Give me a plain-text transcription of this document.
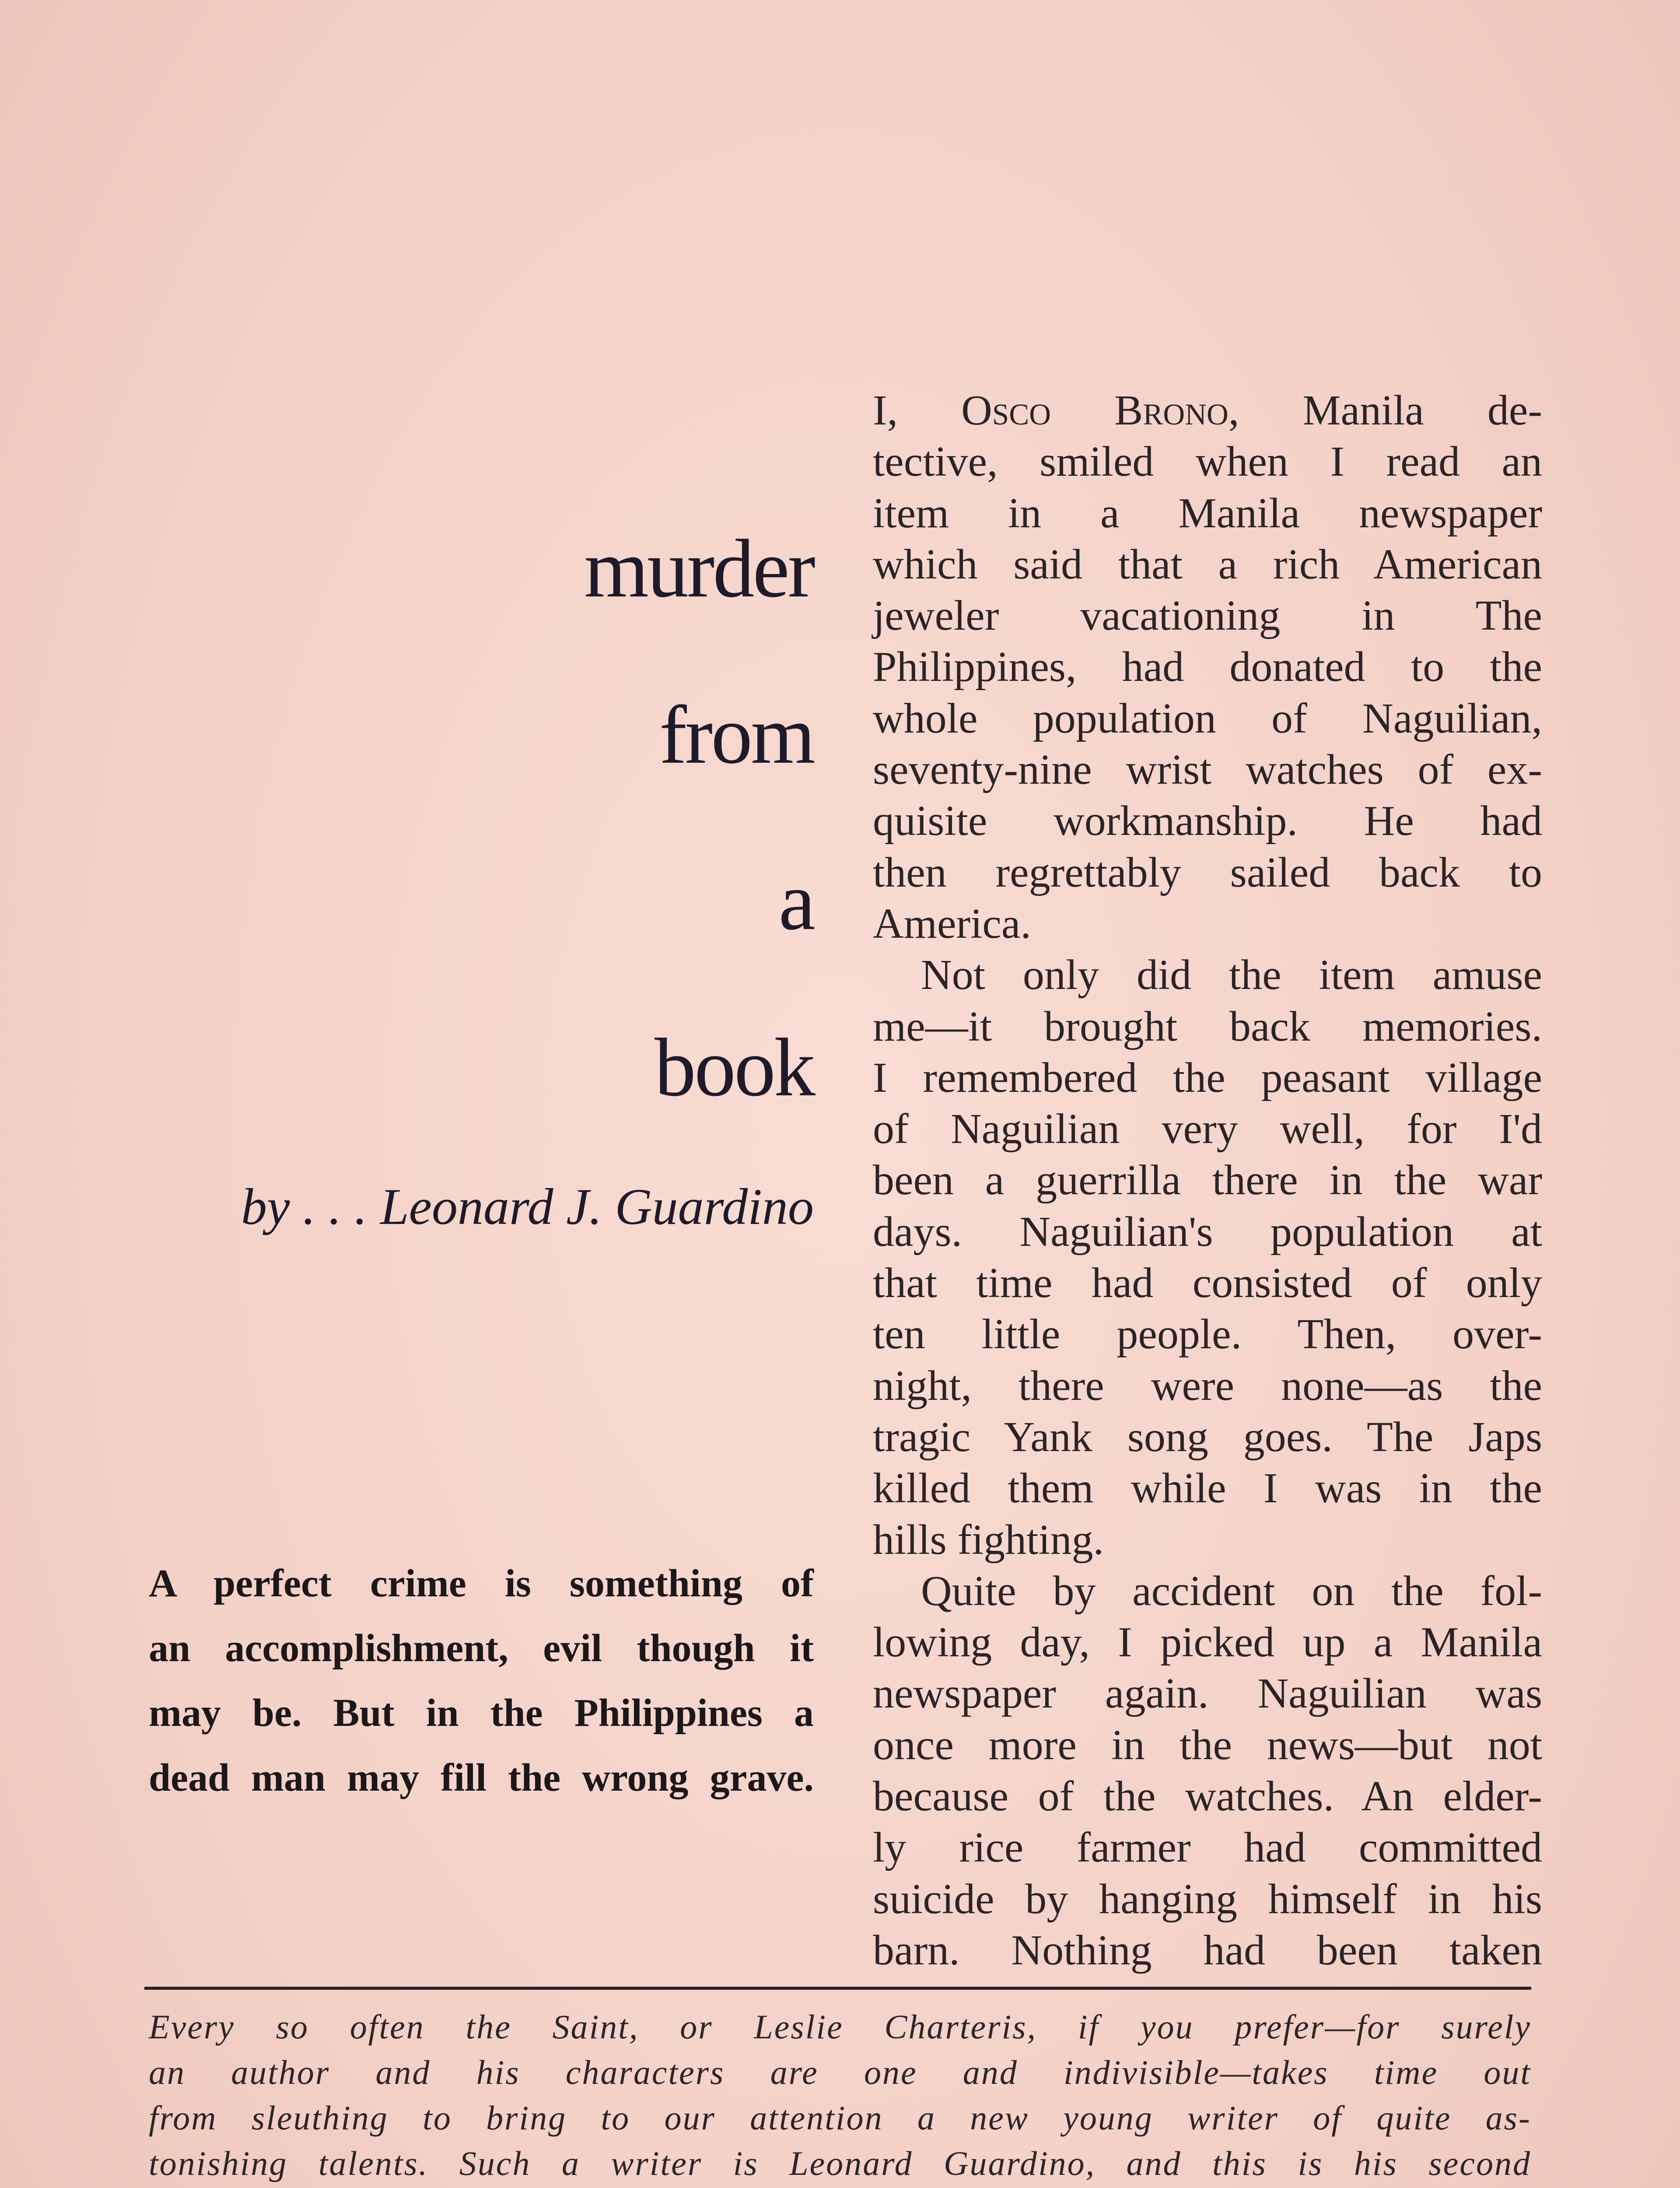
murder
from
a
book
by . . . Leonard J. Guardino
A perfect crime is something of
an accomplishment, evil though it
may be. But in the Philippines a
dead man may fill the wrong grave.
I, Osco Brono, Manila de-
tective, smiled when I read an
item in a Manila newspaper
which said that a rich American
jeweler vacationing in The
Philippines, had donated to the
whole population of Naguilian,
seventy-nine wrist watches of ex-
quisite workmanship. He had
then regrettably sailed back to
America.
Not only did the item amuse
me—it brought back memories.
I remembered the peasant village
of Naguilian very well, for I'd
been a guerrilla there in the war
days. Naguilian's population at
that time had consisted of only
ten little people. Then, over-
night, there were none—as the
tragic Yank song goes. The Japs
killed them while I was in the
hills fighting.
Quite by accident on the fol-
lowing day, I picked up a Manila
newspaper again. Naguilian was
once more in the news—but not
because of the watches. An elder-
ly rice farmer had committed
suicide by hanging himself in his
barn. Nothing had been taken
Every so often the Saint, or Leslie Charteris, if you prefer—for surely
an author and his characters are one and indivisible—takes time out
from sleuthing to bring to our attention a new young writer of quite as-
tonishing talents. Such a writer is Leonard Guardino, and this is his second
